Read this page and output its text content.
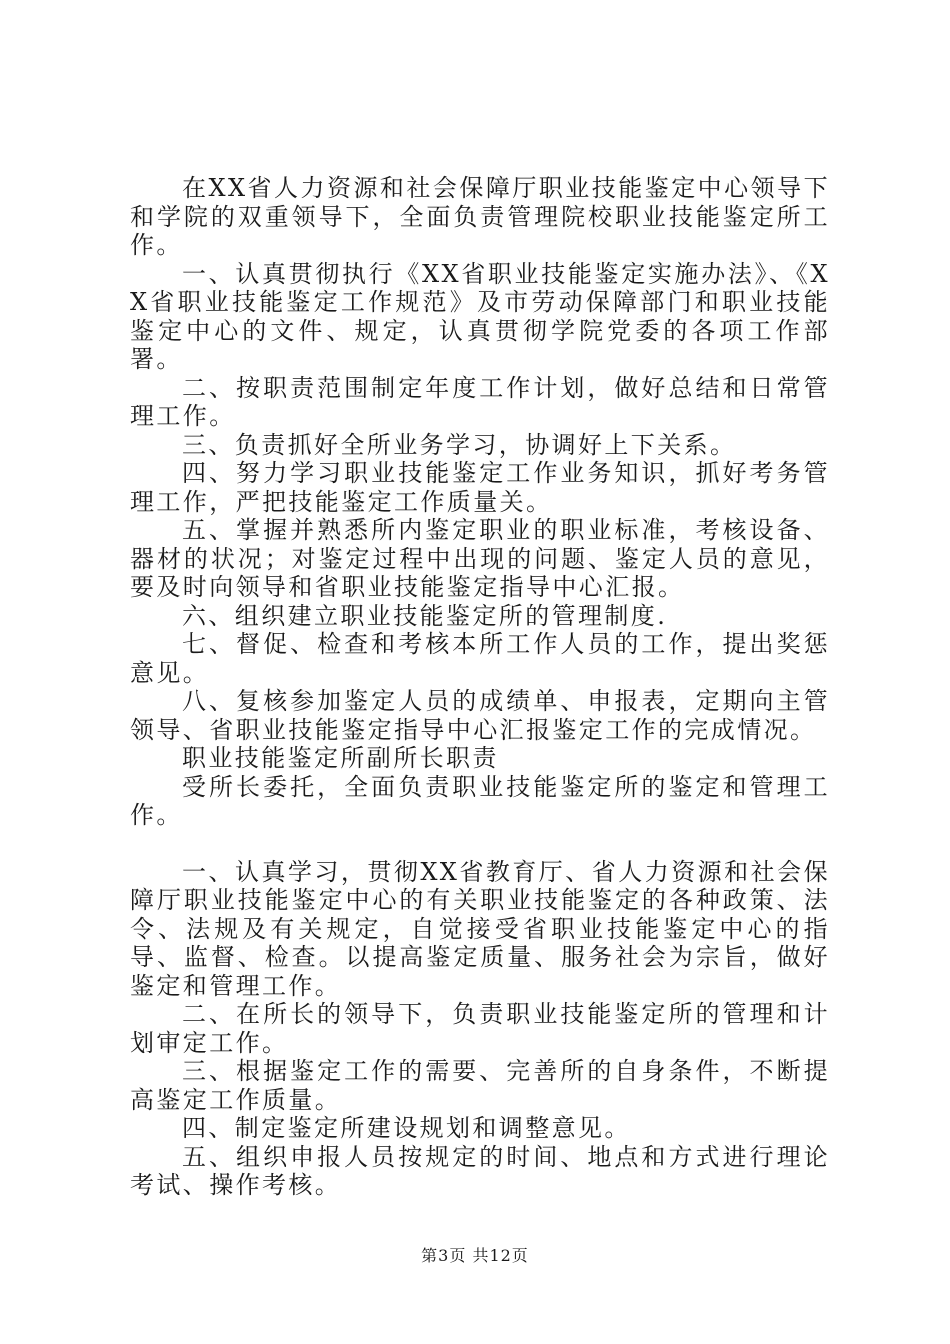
在XX省人力资源和社会保障厅职业技能鉴定中心领导下和学院的双重领导下，全面负责管理院校职业技能鉴定所工作。

一、认真贯彻执行《XX省职业技能鉴定实施办法》、《XX省职业技能鉴定工作规范》及市劳动保障部门和职业技能鉴定中心的文件、规定，认真贯彻学院党委的各项工作部署。

二、按职责范围制定年度工作计划，做好总结和日常管理工作。

三、负责抓好全所业务学习，协调好上下关系。

四、努力学习职业技能鉴定工作业务知识，抓好考务管理工作，严把技能鉴定工作质量关。

五、掌握并熟悉所内鉴定职业的职业标准，考核设备、器材的状况；对鉴定过程中出现的问题、鉴定人员的意见，要及时向领导和省职业技能鉴定指导中心汇报。

六、组织建立职业技能鉴定所的管理制度.

七、督促、检查和考核本所工作人员的工作，提出奖惩意见。

八、复核参加鉴定人员的成绩单、申报表，定期向主管领导、省职业技能鉴定指导中心汇报鉴定工作的完成情况。

职业技能鉴定所副所长职责

受所长委托，全面负责职业技能鉴定所的鉴定和管理工作。

一、认真学习，贯彻XX省教育厅、省人力资源和社会保障厅职业技能鉴定中心的有关职业技能鉴定的各种政策、法令、法规及有关规定，自觉接受省职业技能鉴定中心的指导、监督、检查。以提高鉴定质量、服务社会为宗旨，做好鉴定和管理工作。

二、在所长的领导下，负责职业技能鉴定所的管理和计划审定工作。

三、根据鉴定工作的需要、完善所的自身条件，不断提高鉴定工作质量。

四、制定鉴定所建设规划和调整意见。

五、组织申报人员按规定的时间、地点和方式进行理论考试、操作考核。

第3页 共12页
